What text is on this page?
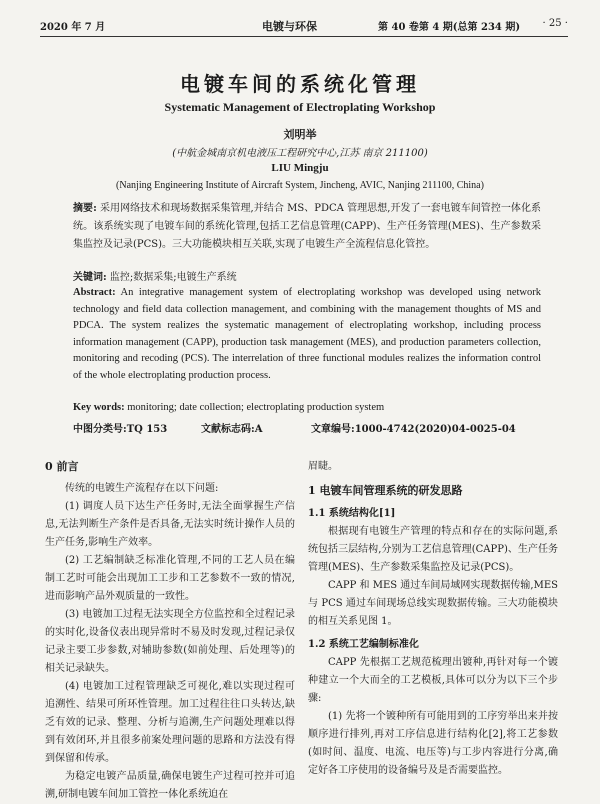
2020 年 7 月	电镀与环保	第 40 卷第 4 期(总第 234 期) · 25 ·
电镀车间的系统化管理
Systematic Management of Electroplating Workshop
刘明举
(中航金城南京机电液压工程研究中心,江苏 南京 211100)
LIU Mingju
(Nanjing Engineering Institute of Aircraft System, Jincheng, AVIC, Nanjing 211100, China)
摘要: 采用网络技术和现场数据采集管理,并结合 MS、PDCA 管理思想,开发了一套电镀车间管控一体化系统。该系统实现了电镀车间的系统化管理,包括工艺信息管理(CAPP)、生产任务管理(MES)、生产参数采集监控及记录(PCS)。三大功能模块相互关联,实现了电镀生产全流程信息化管控。
关键词: 监控;数据采集;电镀生产系统
Abstract: An integrative management system of electroplating workshop was developed using network technology and field data collection management, and combining with the management thoughts of MS and PDCA. The system realizes the systematic management of electroplating workshop, including process information management (CAPP), production task management (MES), and production parameters collection, monitoring and recoding (PCS). The interrelation of three functional modules realizes the information control of the whole electroplating production process.
Key words: monitoring; date collection; electroplating production system
中图分类号:TQ 153	文献标志码:A	文章编号:1000-4742(2020)04-0025-04
0 前言

传统的电镀生产流程存在以下问题:

(1) 调度人员下达生产任务时,无法全面掌握生产信息,无法判断生产条件是否具备,无法实时统计操作人员的生产任务,影响生产效率。

(2) 工艺编制缺乏标准化管理,不同的工艺人员在编制工艺时可能会出现加工工步和工艺参数不一致的情况,进而影响产品外观质量的一致性。

(3) 电镀加工过程无法实现全方位监控和全过程记录的实时化,设备仪表出现异常时不易及时发现,过程记录仅记录主要工步参数,对辅助参数(如前处理、后处理等)的相关记录缺失。

(4) 电镀加工过程管理缺乏可视化,难以实现过程可追溯性、结果可所环性管理。加工过程往往口头转达,缺乏有效的记录、整理、分析与追溯,生产问题处理难以得到有效闭环,并且很多前案处理问题的思路和方法没有得到保留和传承。

为稳定电镀产品质量,确保电镀生产过程可控并可追溯,研制电镀车间加工管控一体化系统迫在

眉睫。

1 电镀车间管理系统的研发思路
1.1 系统结构化[1]

根据现有电镀生产管理的特点和存在的实际问题,系统包括三层结构,分别为工艺信息管理(CAPP)、生产任务管理(MES)、生产参数采集监控及记录(PCS)。

CAPP 和 MES 通过车间局域网实现数据传输,MES 与 PCS 通过车间现场总线实现数据传输。三大功能模块的相互关系见图 1。

1.2 系统工艺编制标准化

CAPP 先根据工艺规范梳理出镀种,再针对每一个镀种建立一个大而全的工艺模板,具体可以分为以下三个步骤:

(1) 先将一个镀种所有可能用到的工序穷举出来并按顺序进行排列,再对工序信息进行结构化[2],将工艺参数(如时间、温度、电流、电压等)与工步内容进行分离,确定好各工序使用的设备编号及是否需要监控。
